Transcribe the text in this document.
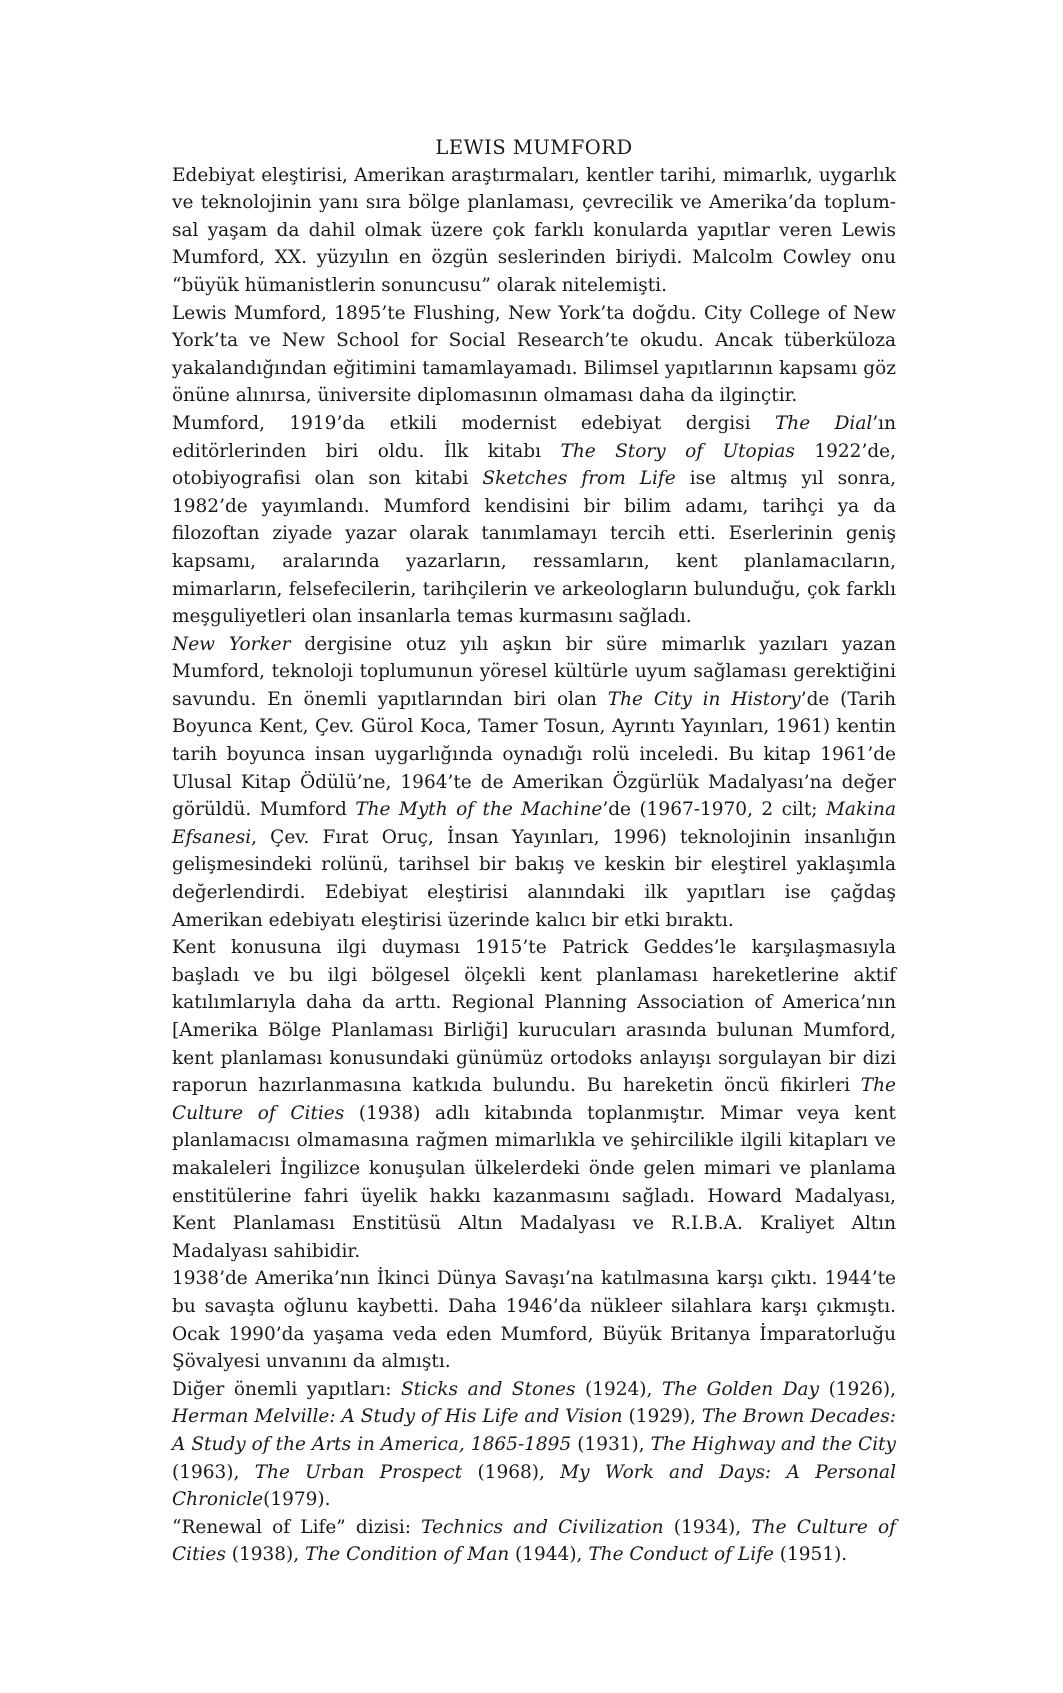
LEWIS MUMFORD

Edebiyat eleştirisi, Amerikan araştırmaları, kentler tarihi, mimarlık, uygarlık ve teknolojinin yanı sıra bölge planlaması, çevrecilik ve Amerika’da toplumsal yaşam da dahil olmak üzere çok farklı konularda yapıtlar veren Lewis Mumford, XX. yüzyılın en özgün seslerinden biriydi. Malcolm Cowley onu “büyük hümanistlerin sonuncusu” olarak nitelemişti.

Lewis Mumford, 1895’te Flushing, New York’ta doğdu. City College of New York’ta ve New School for Social Research’te okudu. Ancak tüberküloza yakalandığından eğitimini tamamlayamadı. Bilimsel yapıtlarının kapsamı göz önüne alınırsa, üniversite diplomasının olmaması daha da ilginçtir.

Mumford, 1919’da etkili modernist edebiyat dergisi The Dial’ın editörlerinden biri oldu. İlk kitabı The Story of Utopias 1922’de, otobiyografisi olan son kitabi Sketches from Life ise altmış yıl sonra, 1982’de yayımlandı. Mumford kendisini bir bilim adamı, tarihçi ya da filozoftan ziyade yazar olarak tanımlamayı tercih etti. Eserlerinin geniş kapsamı, aralarında yazarların, ressamların, kent planlamacıların, mimarların, felsefecilerin, tarihçilerin ve arkeologların bulunduğu, çok farklı meşguliyetleri olan insanlarla temas kurmasını sağladı.

New Yorker dergisine otuz yılı aşkın bir süre mimarlık yazıları yazan Mumford, teknoloji toplumunun yöresel kültürle uyum sağlaması gerektiğini savundu. En önemli yapıtlarından biri olan The City in History’de (Tarih Boyunca Kent, Çev. Gürol Koca, Tamer Tosun, Ayrıntı Yayınları, 1961) kentin tarih boyunca insan uygarlığında oynadığı rolü inceledi. Bu kitap 1961’de Ulusal Kitap Ödülü’ne, 1964’te de Amerikan Özgürlük Madalyası’na değer görüldü. Mumford The Myth of the Machine’de (1967-1970, 2 cilt; Makina Efsanesi, Çev. Fırat Oruç, İnsan Yayınları, 1996) teknolojinin insanlığın gelişmesindeki rolünü, tarihsel bir bakış ve keskin bir eleştirel yaklaşımla değerlendirdi. Edebiyat eleştirisi alanındaki ilk yapıtları ise çağdaş Amerikan edebiyatı eleştirisi üzerinde kalıcı bir etki bıraktı.

Kent konusuna ilgi duyması 1915’te Patrick Geddes’le karşılaşmasıyla başladı ve bu ilgi bölgesel ölçekli kent planlaması hareketlerine aktif katılımlarıyla daha da arttı. Regional Planning Association of America’nın [Amerika Bölge Planlaması Birliği] kurucuları arasında bulunan Mumford, kent planlaması konusundaki günümüz ortodoks anlayışı sorgulayan bir dizi raporun hazırlanmasına katkıda bulundu. Bu hareketin öncü fikirleri The Culture of Cities (1938) adlı kitabında toplanmıştır. Mimar veya kent planlamacısı olmamasına rağmen mimarlıkla ve şehircilikle ilgili kitapları ve makaleleri İngilizce konuşulan ülkelerdeki önde gelen mimari ve planlama enstitülerine fahri üyelik hakkı kazanmasını sağladı. Howard Madalyası, Kent Planlaması Enstitüsü Altın Madalyası ve R.I.B.A. Kraliyet Altın Madalyası sahibidir.

1938’de Amerika’nın İkinci Dünya Savaşı’na katılmasına karşı çıktı. 1944’te bu savaşta oğlunu kaybetti. Daha 1946’da nükleer silahlara karşı çıkmıştı. Ocak 1990’da yaşama veda eden Mumford, Büyük Britanya İmparatorluğu Şövalyesi unvanını da almıştı.

Diğer önemli yapıtları: Sticks and Stones (1924), The Golden Day (1926), Herman Melville: A Study of His Life and Vision (1929), The Brown Decades: A Study of the Arts in America, 1865-1895 (1931), The Highway and the City (1963), The Urban Prospect (1968), My Work and Days: A Personal Chronicle(1979).

“Renewal of Life” dizisi: Technics and Civilization (1934), The Culture of Cities (1938), The Condition of Man (1944), The Conduct of Life (1951).
